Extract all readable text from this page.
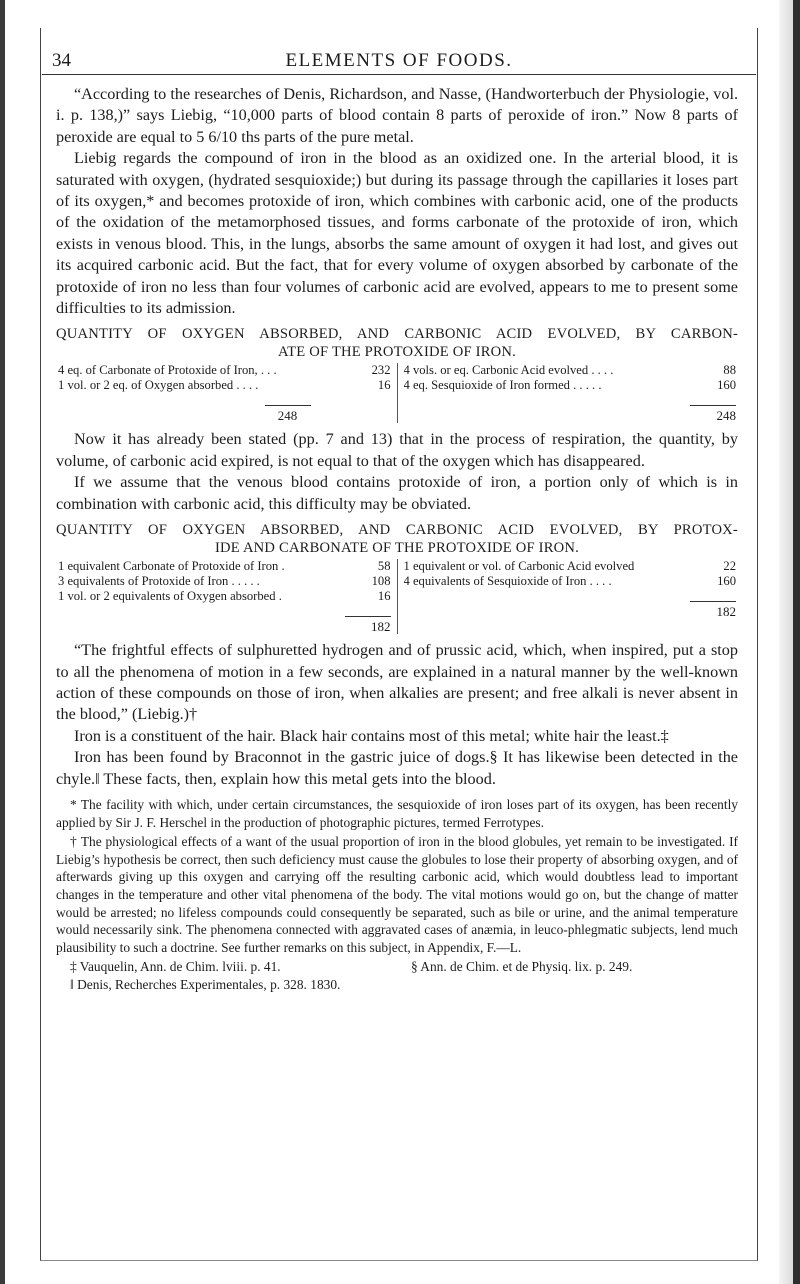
34	ELEMENTS OF FOODS.

“According to the researches of Denis, Richardson, and Nasse, (Handworterbuch der Physiologie, vol. i. p. 138,)” says Liebig, “10,000 parts of blood contain 8 parts of peroxide of iron.” Now 8 parts of peroxide are equal to 5 6/10 ths parts of the pure metal.

Liebig regards the compound of iron in the blood as an oxidized one. In the arterial blood, it is saturated with oxygen, (hydrated sesquioxide;) but during its passage through the capillaries it loses part of its oxygen,* and becomes protoxide of iron, which combines with carbonic acid, one of the products of the oxidation of the metamorphosed tissues, and forms carbonate of the protoxide of iron, which exists in venous blood. This, in the lungs, absorbs the same amount of oxygen it had lost, and gives out its acquired carbonic acid. But the fact, that for every volume of oxygen absorbed by carbonate of the protoxide of iron no less than four volumes of carbonic acid are evolved, appears to me to present some difficulties to its admission.

QUANTITY OF OXYGEN ABSORBED, AND CARBONIC ACID EVOLVED, BY CARBON-
ATE OF THE PROTOXIDE OF IRON.
4 eq. of Carbonate of Protoxide of Iron, . . .	232
1 vol. or 2 eq. of Oxygen absorbed . . . .	16
248
4 vols. or eq. Carbonic Acid evolved . . . .	88
4 eq. Sesquioxide of Iron formed . . . . .	160
248

Now it has already been stated (pp. 7 and 13) that in the process of respiration, the quantity, by volume, of carbonic acid expired, is not equal to that of the oxygen which has disappeared.

If we assume that the venous blood contains protoxide of iron, a portion only of which is in combination with carbonic acid, this difficulty may be obviated.

QUANTITY OF OXYGEN ABSORBED, AND CARBONIC ACID EVOLVED, BY PROTOX-
IDE AND CARBONATE OF THE PROTOXIDE OF IRON.
1 equivalent Carbonate of Protoxide of Iron .	58
3 equivalents of Protoxide of Iron . . . . .	108
1 vol. or 2 equivalents of Oxygen absorbed .	16
182
1 equivalent or vol. of Carbonic Acid evolved	22
4 equivalents of Sesquioxide of Iron . . . .	160
182

“The frightful effects of sulphuretted hydrogen and of prussic acid, which, when inspired, put a stop to all the phenomena of motion in a few seconds, are explained in a natural manner by the well-known action of these compounds on those of iron, when alkalies are present; and free alkali is never absent in the blood,” (Liebig.)†

Iron is a constituent of the hair. Black hair contains most of this metal; white hair the least.‡

Iron has been found by Braconnot in the gastric juice of dogs.§ It has likewise been detected in the chyle.‖ These facts, then, explain how this metal gets into the blood.

* The facility with which, under certain circumstances, the sesquioxide of iron loses part of its oxygen, has been recently applied by Sir J. F. Herschel in the production of photographic pictures, termed Ferrotypes.

† The physiological effects of a want of the usual proportion of iron in the blood globules, yet remain to be investigated. If Liebig’s hypothesis be correct, then such deficiency must cause the globules to lose their property of absorbing oxygen, and of afterwards giving up this oxygen and carrying off the resulting carbonic acid, which would doubtless lead to important changes in the temperature and other vital phenomena of the body. The vital motions would go on, but the change of matter would be arrested; no lifeless compounds could consequently be separated, such as bile or urine, and the animal temperature would necessarily sink. The phenomena connected with aggravated cases of anæmia, in leuco-phlegmatic subjects, lend much plausibility to such a doctrine. See further remarks on this subject, in Appendix, F.—L.

‡ Vauquelin, Ann. de Chim. lviii. p. 41.	§ Ann. de Chim. et de Physiq. lix. p. 249.

‖ Denis, Recherches Experimentales, p. 328. 1830.
